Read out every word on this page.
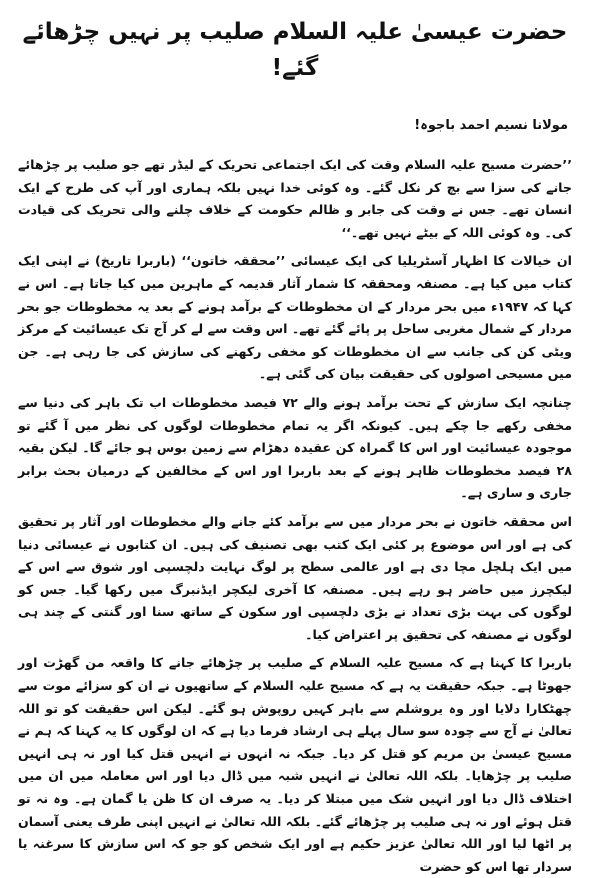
حضرت عیسیٰ علیہ السلام صلیب پر نہیں چڑھائے گئے!
مولانا نسیم احمد باجوہ!

’’حضرت مسیح علیہ السلام وقت کی ایک اجتماعی تحریک کے لیڈر تھے جو صلیب پر چڑھائے جانے کی سزا سے بچ کر نکل گئے۔ وہ کوئی خدا نہیں بلکہ ہماری اور آپ کی طرح کے ایک انسان تھے۔ جس نے وقت کی جابر و ظالم حکومت کے خلاف چلنے والی تحریک کی قیادت کی۔ وہ کوئی اللہ کے بیٹے نہیں تھے۔‘‘

ان خیالات کا اظہار آسٹریلیا کی ایک عیسائی ’’محققہ خاتون‘‘ (باربرا تاریخ) نے اپنی ایک کتاب میں کیا ہے۔ مصنفہ ومحققہ کا شمار آثار قدیمہ کے ماہرین میں کیا جاتا ہے۔ اس نے کہا کہ ۱۹۴۷ء میں بحر مردار کے ان مخطوطات کے برآمد ہونے کے بعد یہ مخطوطات جو بحر مردار کے شمال مغربی ساحل پر پائے گئے تھے۔ اس وقت سے لے کر آج تک عیسائیت کے مرکز ویٹی کن کی جانب سے ان مخطوطات کو مخفی رکھنے کی سازش کی جا رہی ہے۔ جن میں مسیحی اصولوں کی حقیقت بیان کی گئی ہے۔

چنانچہ ایک سازش کے تحت برآمد ہونے والے ۷۲ فیصد مخطوطات اب تک باہر کی دنیا سے مخفی رکھے جا چکے ہیں۔ کیونکہ اگر یہ تمام مخطوطات لوگوں کی نظر میں آ گئے تو موجودہ عیسائیت اور اس کا گمراہ کن عقیدہ دھڑام سے زمین بوس ہو جائے گا۔ لیکن بقیہ ۲۸ فیصد مخطوطات ظاہر ہونے کے بعد باربرا اور اس کے مخالفین کے درمیان بحث برابر جاری و ساری ہے۔

اس محققہ خاتون نے بحر مردار میں سے برآمد کئے جانے والے مخطوطات اور آثار پر تحقیق کی ہے اور اس موضوع پر کئی ایک کتب بھی تصنیف کی ہیں۔ ان کتابوں نے عیسائی دنیا میں ایک ہلچل مچا دی ہے اور عالمی سطح پر لوگ نہایت دلچسپی اور شوق سے اس کے لیکچرز میں حاضر ہو رہے ہیں۔ مصنفہ کا آخری لیکچر ایڈنبرگ میں رکھا گیا۔ جس کو لوگوں کی بہت بڑی تعداد نے بڑی دلچسپی اور سکون کے ساتھ سنا اور گنتی کے چند ہی لوگوں نے مصنفہ کی تحقیق پر اعتراض کیا۔

باربرا کا کہنا ہے کہ مسیح علیہ السلام کے صلیب پر چڑھائے جانے کا واقعہ من گھڑت اور جھوٹا ہے۔ جبکہ حقیقت یہ ہے کہ مسیح علیہ السلام کے ساتھیوں نے ان کو سزائے موت سے چھٹکارا دلایا اور وہ یروشلم سے باہر کہیں روپوش ہو گئے۔ لیکن اس حقیقت کو تو اللہ تعالیٰ نے آج سے چودہ سو سال پہلے ہی ارشاد فرما دیا ہے کہ ان لوگوں کا یہ کہنا کہ ہم نے مسیح عیسیٰ بن مریم کو قتل کر دیا۔ جبکہ نہ انہوں نے انہیں قتل کیا اور نہ ہی انہیں صلیب پر چڑھایا۔ بلکہ اللہ تعالیٰ نے انہیں شبہ میں ڈال دیا اور اس معاملہ میں ان میں اختلاف ڈال دیا اور انہیں شک میں مبتلا کر دیا۔ یہ صرف ان کا ظن یا گمان ہے۔ وہ نہ تو قتل ہوئے اور نہ ہی صلیب پر چڑھائے گئے۔ بلکہ اللہ تعالیٰ نے انہیں اپنی طرف یعنی آسمان پر اٹھا لیا اور اللہ تعالیٰ عزیز حکیم ہے اور ایک شخص کو جو کہ اس سازش کا سرغنہ یا سردار تھا اس کو حضرت
